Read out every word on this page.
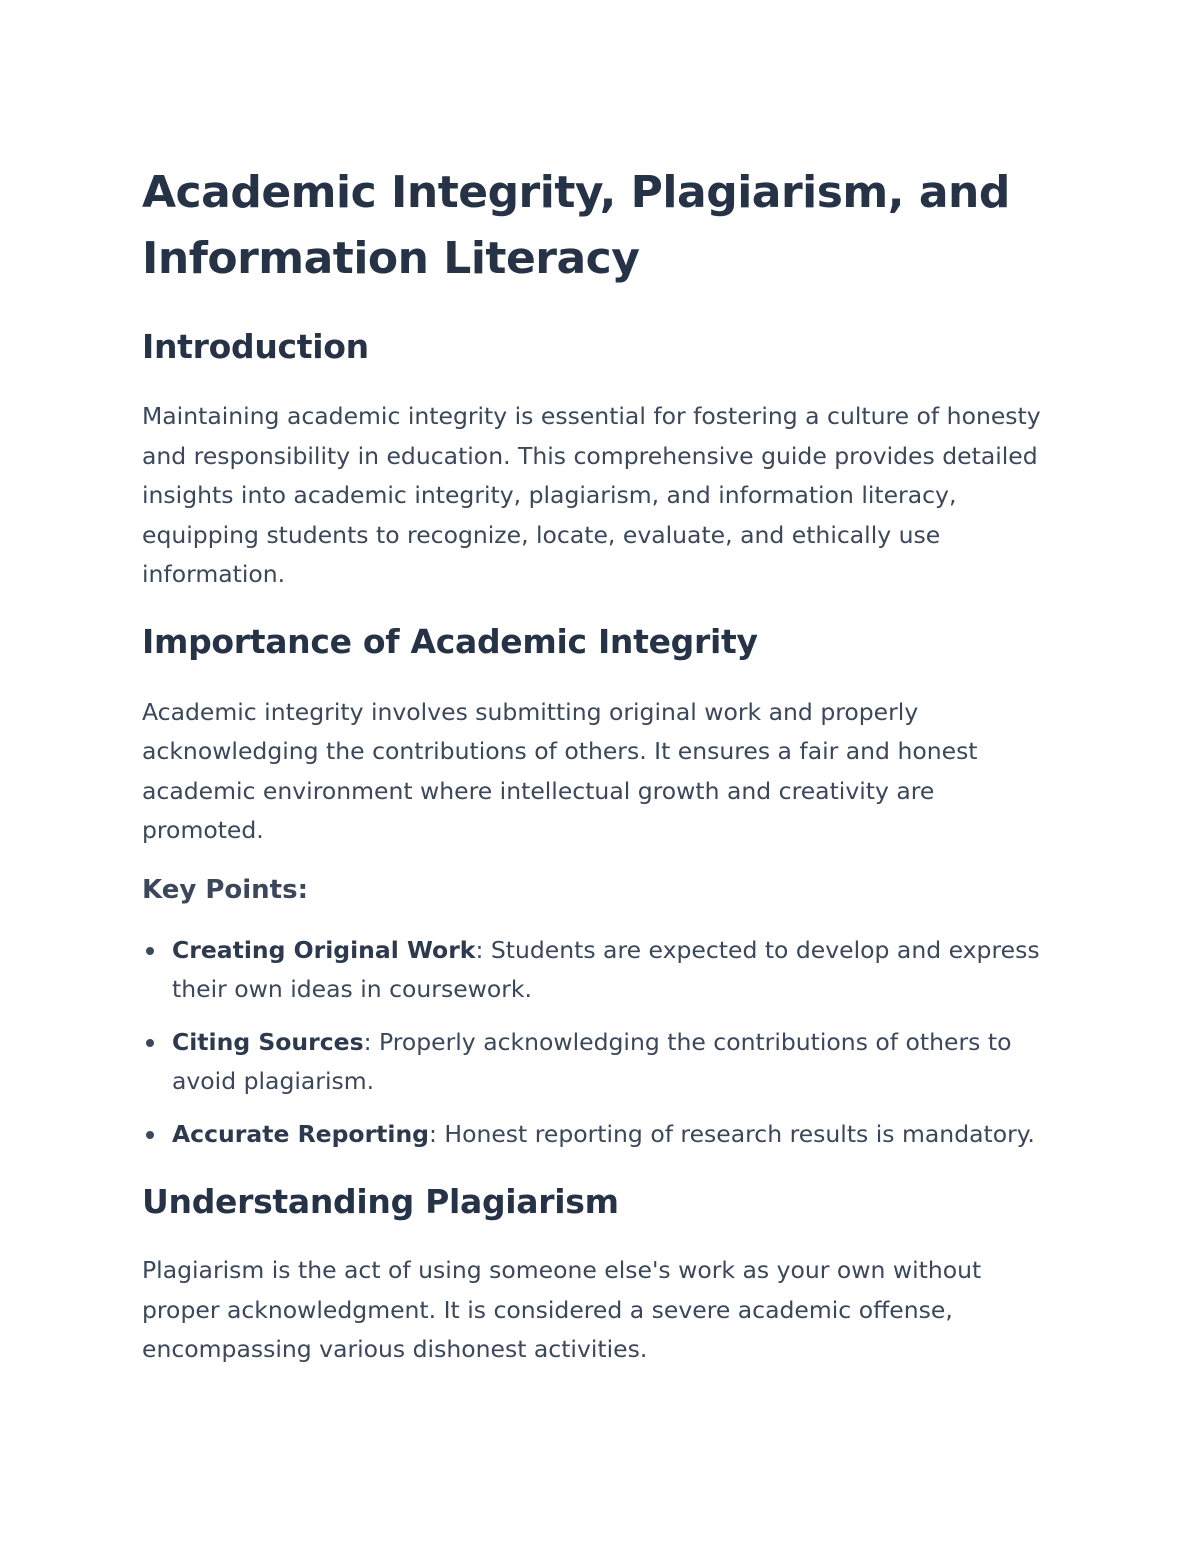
Academic Integrity, Plagiarism, and Information Literacy
Introduction

Maintaining academic integrity is essential for fostering a culture of honesty and responsibility in education. This comprehensive guide provides detailed insights into academic integrity, plagiarism, and information literacy, equipping students to recognize, locate, evaluate, and ethically use information.

Importance of Academic Integrity

Academic integrity involves submitting original work and properly acknowledging the contributions of others. It ensures a fair and honest academic environment where intellectual growth and creativity are promoted.

Key Points:
Creating Original Work: Students are expected to develop and express their own ideas in coursework.
Citing Sources: Properly acknowledging the contributions of others to avoid plagiarism.
Accurate Reporting: Honest reporting of research results is mandatory.
Understanding Plagiarism

Plagiarism is the act of using someone else's work as your own without proper acknowledgment. It is considered a severe academic offense, encompassing various dishonest activities.
